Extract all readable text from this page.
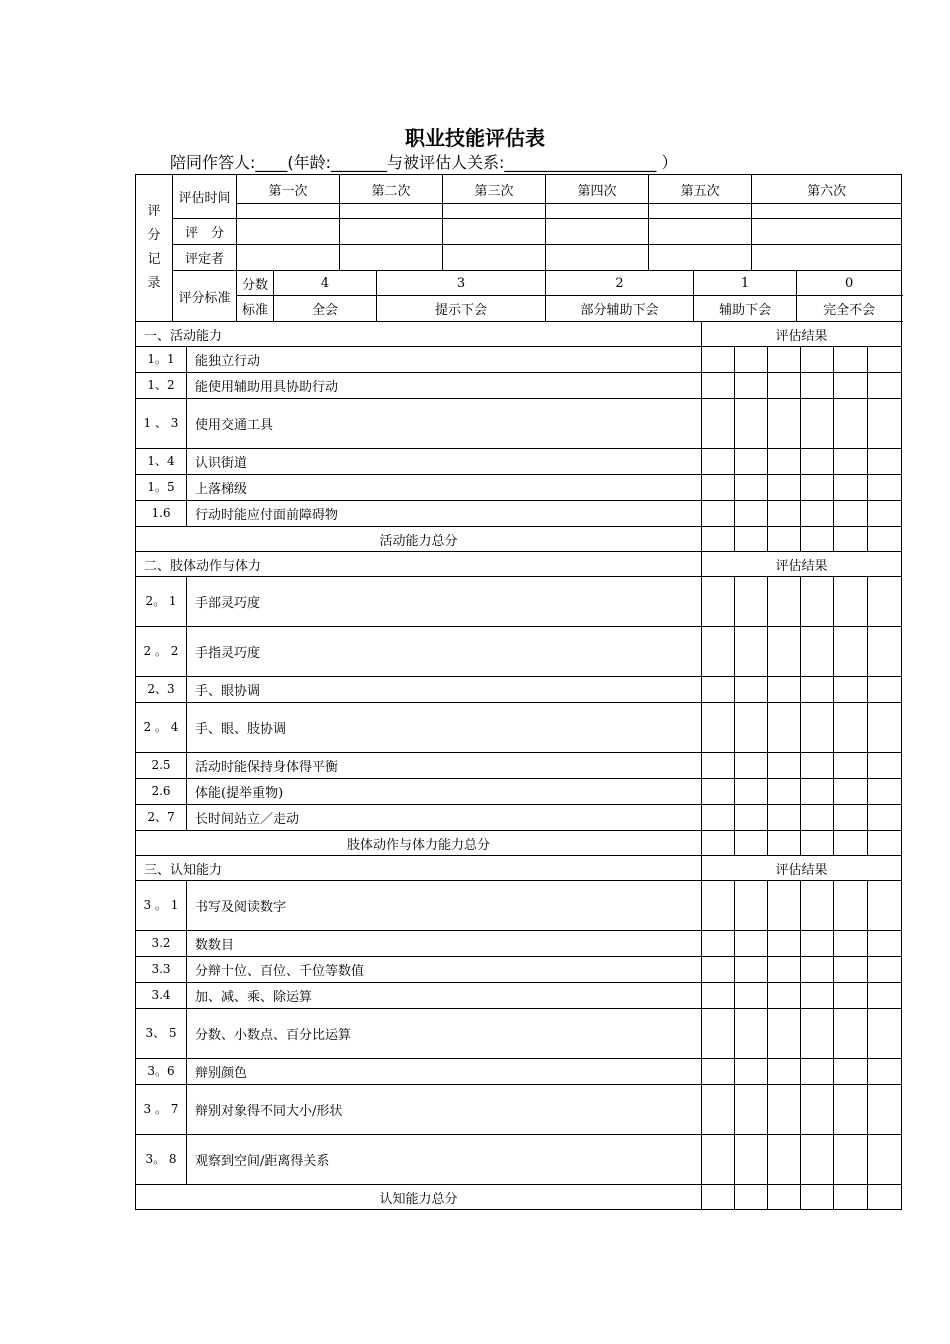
职业技能评估表
陪同作答人:____(年龄:_______与被评估人关系:___________________ ）
评
分
记
录	评估时间	第一次		第二次		第三次	第四次	第五次		第六次	

	评　分										
	评定者										
	评分标准	分数	4		3		2		1		0
		标准	全会		提示下会		部分辅助下会		辅助下会		完全不会
一、活动能力		评估结果					
1。1	能独立行动						
1、2	能使用辅助用具协助行动						
1 、 3	使用交通工具						
1、4	认识街道						
1。5	上落梯级						
1.6	行动时能应付面前障碍物						
活动能力总分							
二、肢体动作与体力		评估结果					
2。 1	手部灵巧度						
2 。 2	手指灵巧度						
2、3	手、眼协调						
2 。 4	手、眼、肢协调						
2.5	活动时能保持身体得平衡						
2.6	体能(提举重物)						
2、7	长时间站立／走动						
肢体动作与体力能力总分							
三、认知能力		评估结果					
3 。 1	书写及阅读数字						
3.2	数数目						
3.3	分辩十位、百位、千位等数值						
3.4	加、减、乘、除运算						
3、 5	分数、小数点、百分比运算						
3。6	辩别颜色						
3 。 7	辩别对象得不同大小/形状						
3。 8	观察到空间/距离得关系						
认知能力总分							
